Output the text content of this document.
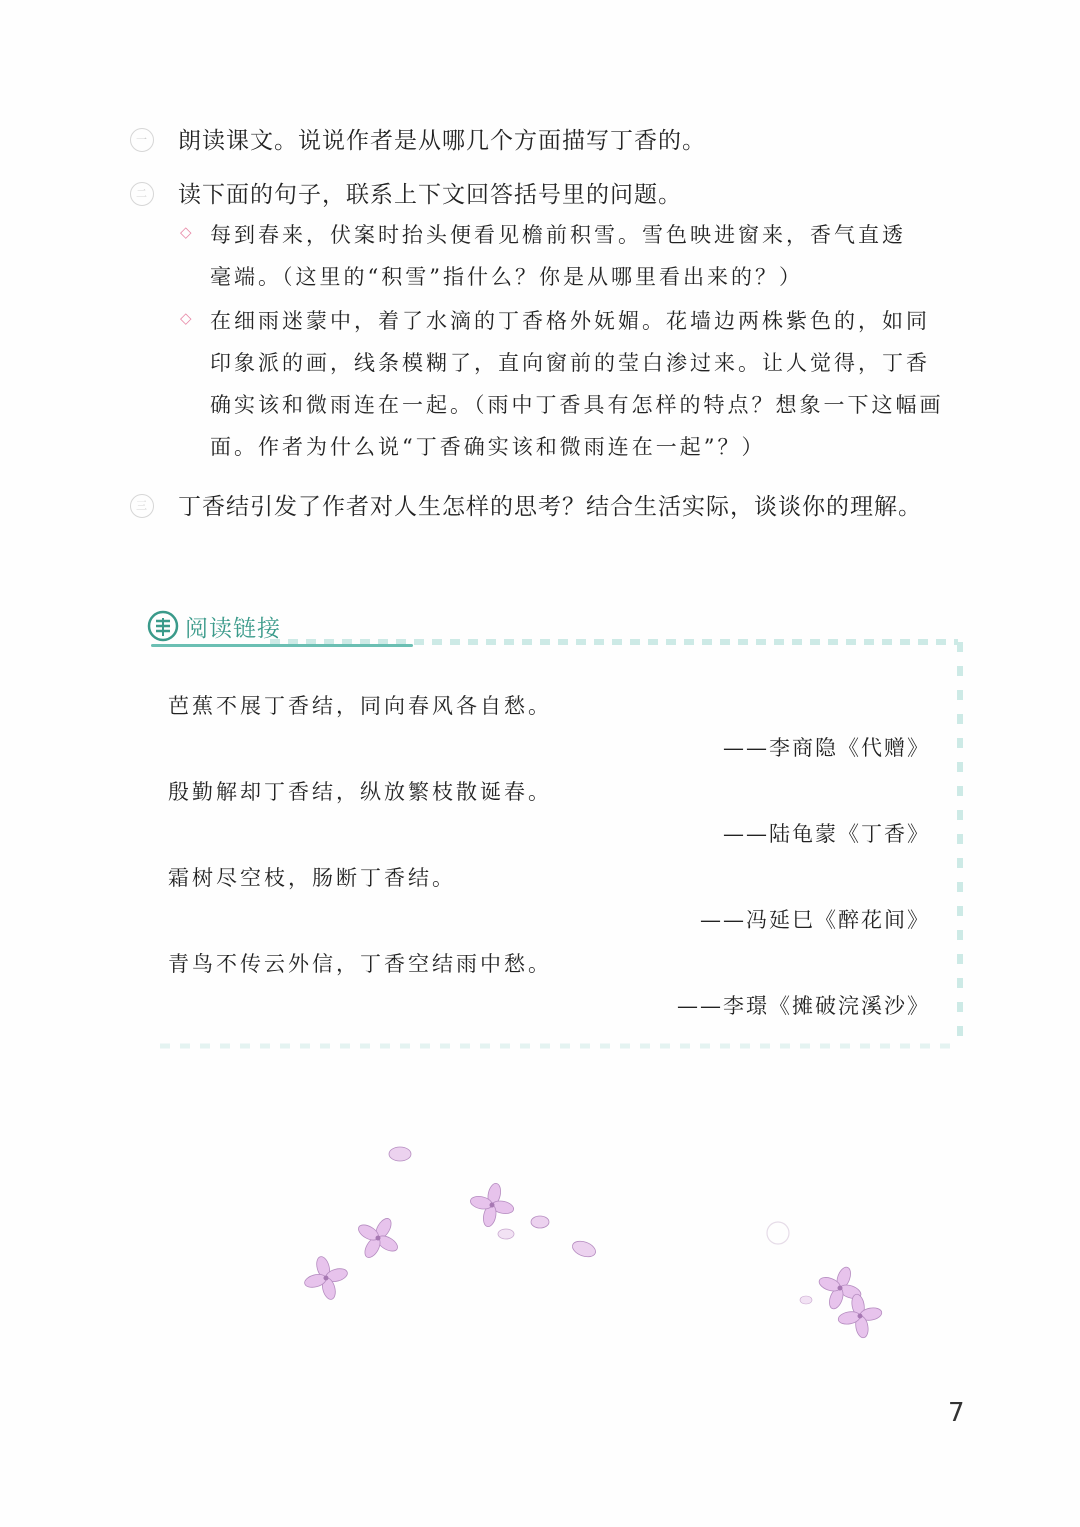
一 朗读课文。说说作者是从哪几个方面描写丁香的。
二 读下面的句子，联系上下文回答括号里的问题。
◇ 每到春来，伏案时抬头便看见檐前积雪。雪色映进窗来，香气直透
毫端。（这里的“积雪”指什么？你是从哪里看出来的？）
◇ 在细雨迷蒙中，着了水滴的丁香格外妩媚。花墙边两株紫色的，如同
印象派的画，线条模糊了，直向窗前的莹白渗过来。让人觉得，丁香
确实该和微雨连在一起。（雨中丁香具有怎样的特点？想象一下这幅画
面。作者为什么说“丁香确实该和微雨连在一起”？）
三 丁香结引发了作者对人生怎样的思考？结合生活实际，谈谈你的理解。
阅读链接
芭蕉不展丁香结，同向春风各自愁。
——李商隐《代赠》
殷勤解却丁香结，纵放繁枝散诞春。
——陆龟蒙《丁香》
霜树尽空枝，肠断丁香结。
——冯延巳《醉花间》
青鸟不传云外信，丁香空结雨中愁。
——李璟《摊破浣溪沙》
7
